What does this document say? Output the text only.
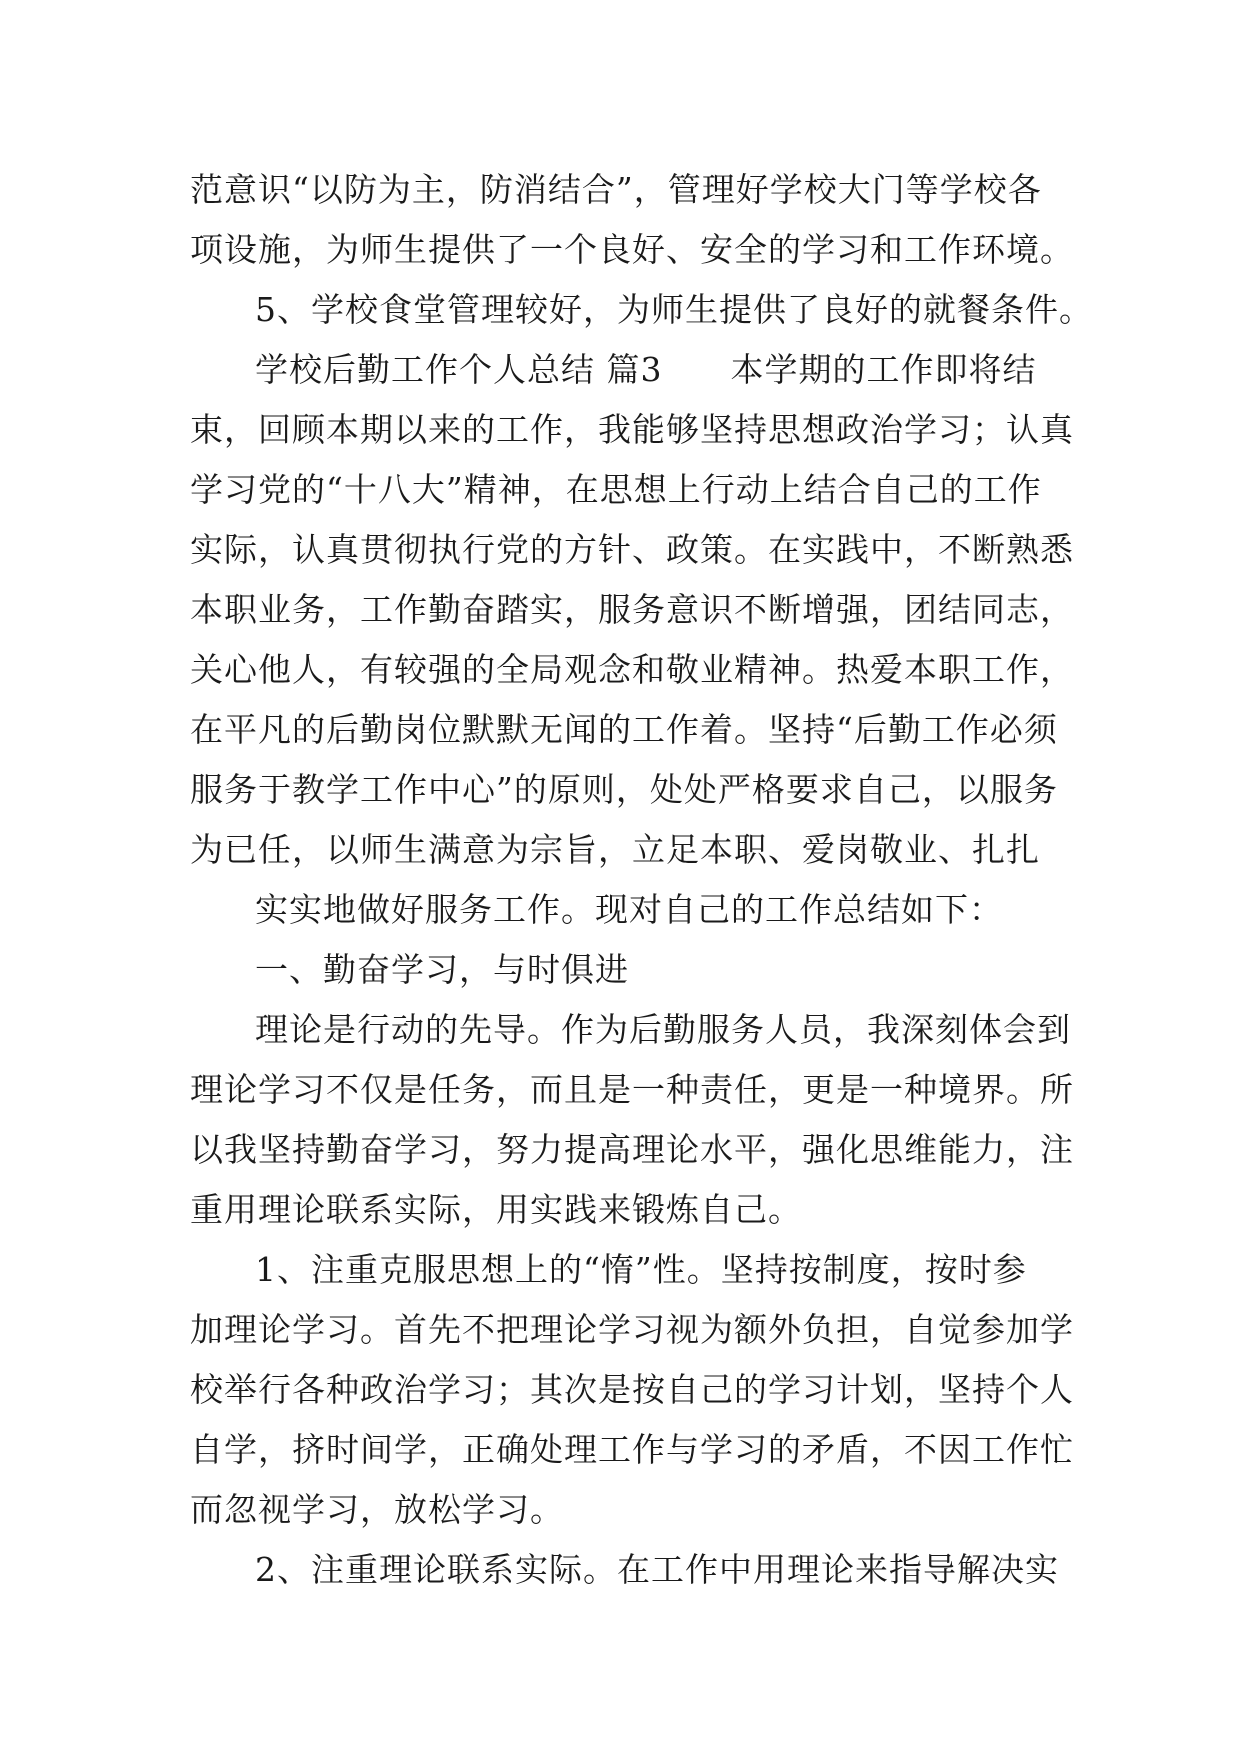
范意识“以防为主，防消结合”，管理好学校大门等学校各
项设施，为师生提供了一个良好、安全的学习和工作环境。
5、学校食堂管理较好，为师生提供了良好的就餐条件。
学校后勤工作个人总结 篇3　　本学期的工作即将结
束，回顾本期以来的工作，我能够坚持思想政治学习；认真
学习党的“十八大”精神，在思想上行动上结合自己的工作
实际，认真贯彻执行党的方针、政策。在实践中，不断熟悉
本职业务，工作勤奋踏实，服务意识不断增强，团结同志，
关心他人，有较强的全局观念和敬业精神。热爱本职工作，
在平凡的后勤岗位默默无闻的工作着。坚持“后勤工作必须
服务于教学工作中心”的原则，处处严格要求自己，以服务
为已任，以师生满意为宗旨，立足本职、爱岗敬业、扎扎
实实地做好服务工作。现对自己的工作总结如下：
一、勤奋学习，与时俱进
理论是行动的先导。作为后勤服务人员，我深刻体会到
理论学习不仅是任务，而且是一种责任，更是一种境界。所
以我坚持勤奋学习，努力提高理论水平，强化思维能力，注
重用理论联系实际，用实践来锻炼自己。
1、注重克服思想上的“惰”性。坚持按制度，按时参
加理论学习。首先不把理论学习视为额外负担，自觉参加学
校举行各种政治学习；其次是按自己的学习计划，坚持个人
自学，挤时间学，正确处理工作与学习的矛盾，不因工作忙
而忽视学习，放松学习。
2、注重理论联系实际。在工作中用理论来指导解决实
